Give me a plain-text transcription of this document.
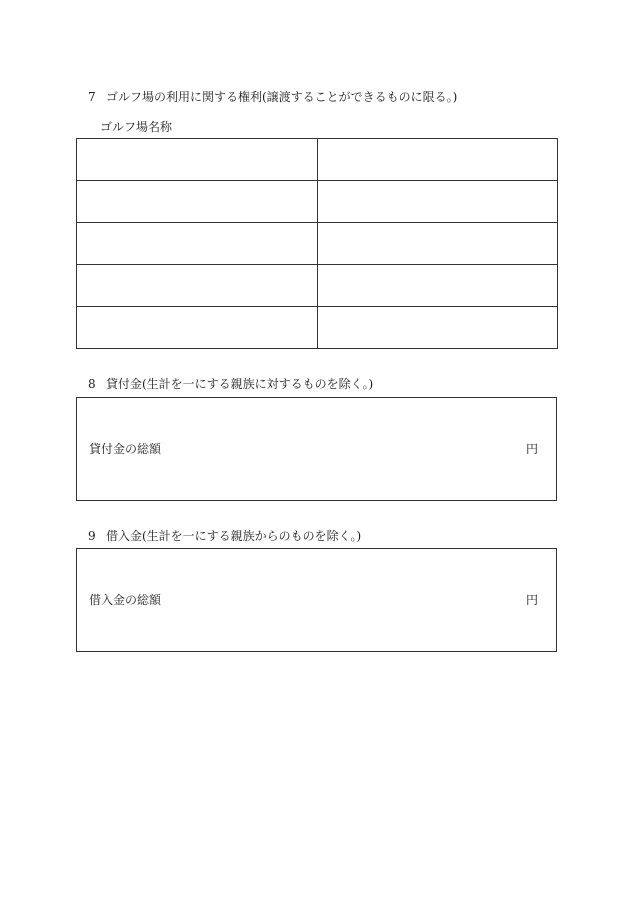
7 ゴルフ場の利用に関する権利(譲渡することができるものに限る。)
ゴルフ場名称

8 貸付金(生計を一にする親族に対するものを除く。)
貸付金の総額	円
9 借入金(生計を一にする親族からのものを除く。)
借入金の総額	円
